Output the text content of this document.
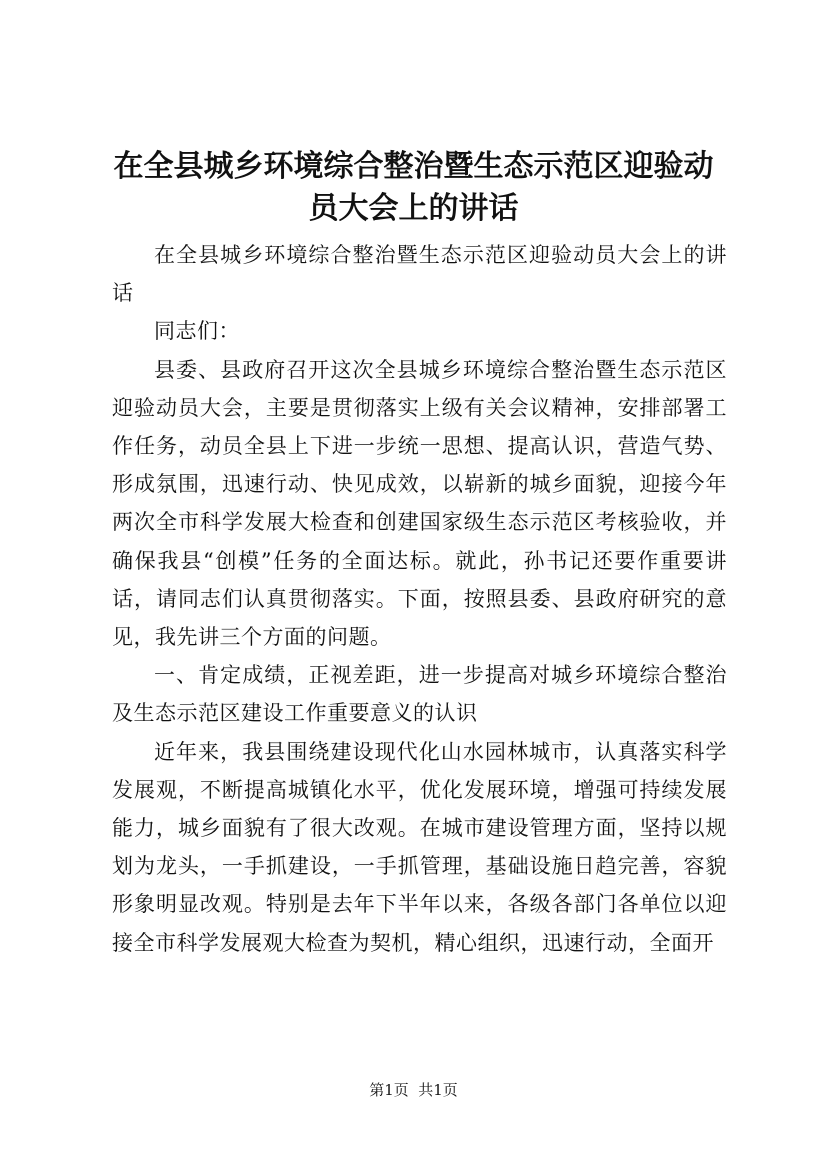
在全县城乡环境综合整治暨生态示范区迎验动员大会上的讲话

在全县城乡环境综合整治暨生态示范区迎验动员大会上的讲话

同志们：

县委、县政府召开这次全县城乡环境综合整治暨生态示范区迎验动员大会，主要是贯彻落实上级有关会议精神，安排部署工作任务，动员全县上下进一步统一思想、提高认识，营造气势、形成氛围，迅速行动、快见成效，以崭新的城乡面貌，迎接今年两次全市科学发展大检查和创建国家级生态示范区考核验收，并确保我县“创模”任务的全面达标。就此，孙书记还要作重要讲话，请同志们认真贯彻落实。下面，按照县委、县政府研究的意见，我先讲三个方面的问题。

一、肯定成绩，正视差距，进一步提高对城乡环境综合整治及生态示范区建设工作重要意义的认识

近年来，我县围绕建设现代化山水园林城市，认真落实科学发展观，不断提高城镇化水平，优化发展环境，增强可持续发展能力，城乡面貌有了很大改观。在城市建设管理方面，坚持以规划为龙头，一手抓建设，一手抓管理，基础设施日趋完善，容貌形象明显改观。特别是去年下半年以来，各级各部门各单位以迎接全市科学发展观大检查为契机，精心组织，迅速行动，全面开

第1页  共1页
